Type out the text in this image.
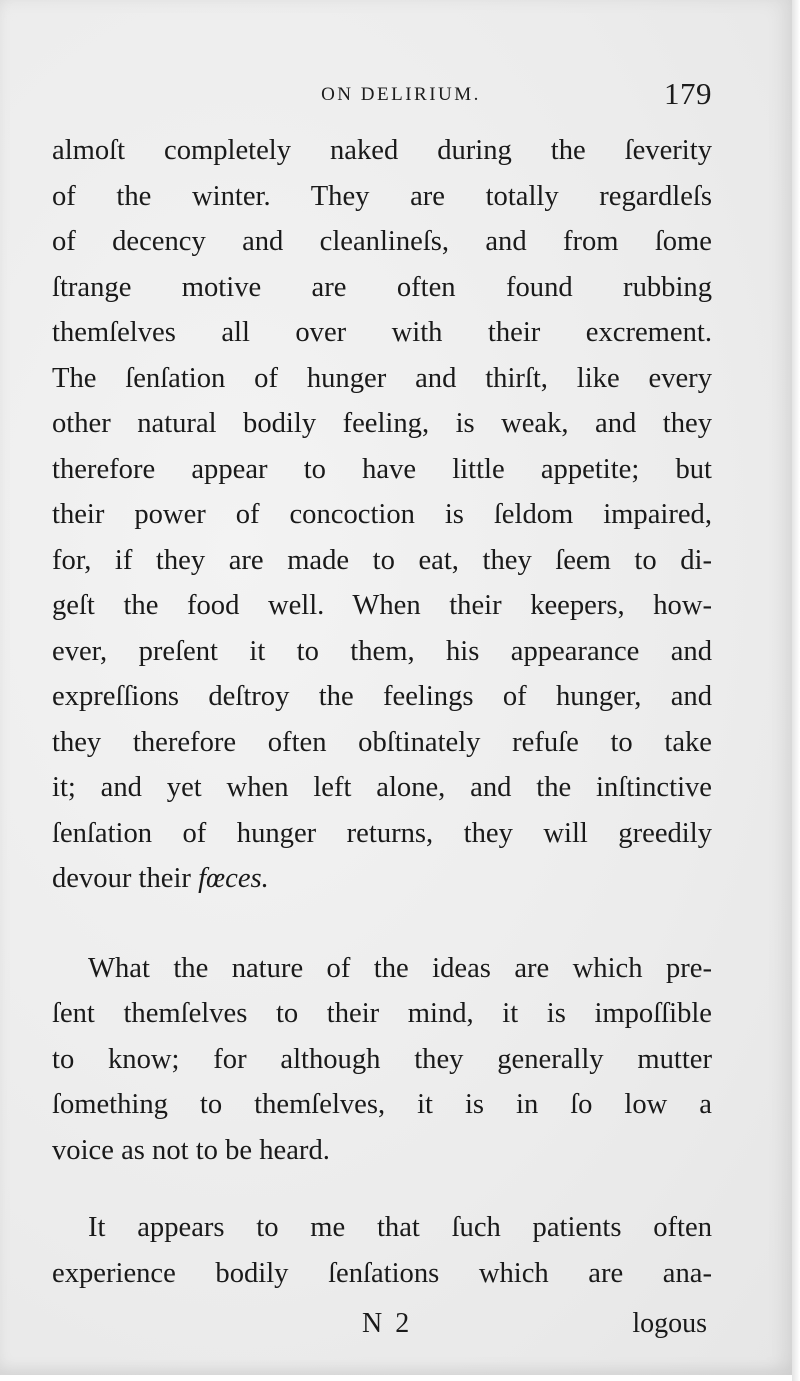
ON DELIRIUM.	179
almoſt completely naked during the ſeverity
of the winter. They are totally regardleſs
of decency and cleanlineſs, and from ſome
ſtrange motive are often found rubbing
themſelves all over with their excrement.
The ſenſation of hunger and thirſt, like every
other natural bodily feeling, is weak, and they
therefore appear to have little appetite; but
their power of concoction is ſeldom impaired,
for, if they are made to eat, they ſeem to di-
geſt the food well. When their keepers, how-
ever, preſent it to them, his appearance and
expreſſions deſtroy the feelings of hunger, and
they therefore often obſtinately refuſe to take
it; and yet when left alone, and the inſtinctive
ſenſation of hunger returns, they will greedily
devour their fœces.
What the nature of the ideas are which pre-
ſent themſelves to their mind, it is impoſſible
to know; for although they generally mutter
ſomething to themſelves, it is in ſo low a
voice as not to be heard.
It appears to me that ſuch patients often
experience bodily ſenſations which are ana-
N 2	logous
